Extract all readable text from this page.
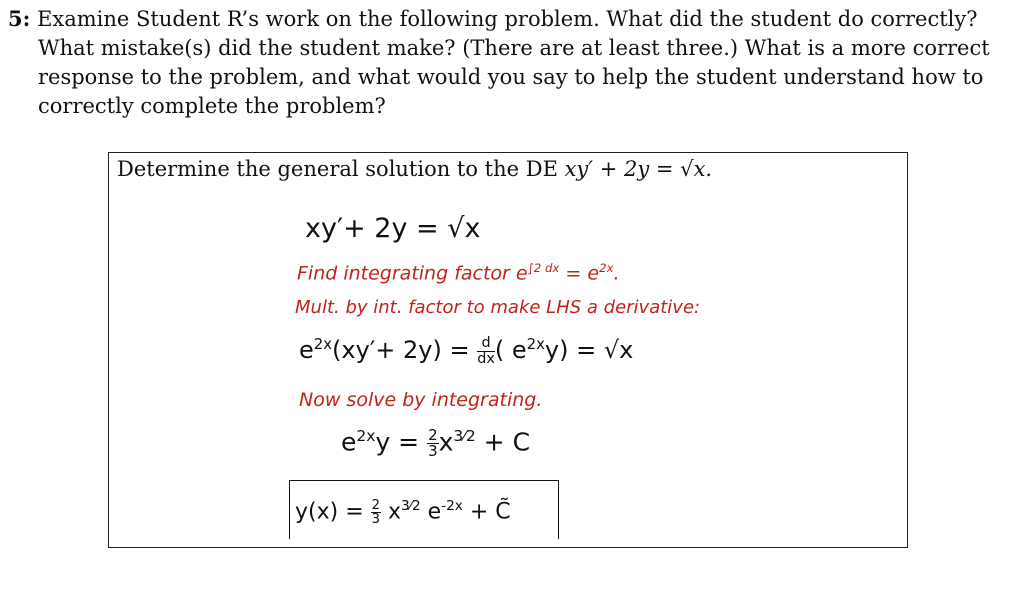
5: Examine Student R’s work on the following problem. What did the student do correctly?
What mistake(s) did the student make? (There are at least three.) What is a more correct
response to the problem, and what would you say to help the student understand how to
correctly complete the problem?
Determine the general solution to the DE xy′ + 2y = √x.
xy′+ 2y = √x
Find integrating factor $e^{\int 2 dx} = e^{2x}$.
Mult. by int. factor to make LHS a derivative:
$e^{2x}(xy'+ 2y) = \frac{d}{dx}$ ( $e^{2x}y) = √x$
Now solve by integrating.
$e^{2x}y = \frac{2}{3} x^{3⁄2} + C$
$y(x) = \frac{2}{3} x^{3⁄2}$ $e^{-2x}$ + C̃
